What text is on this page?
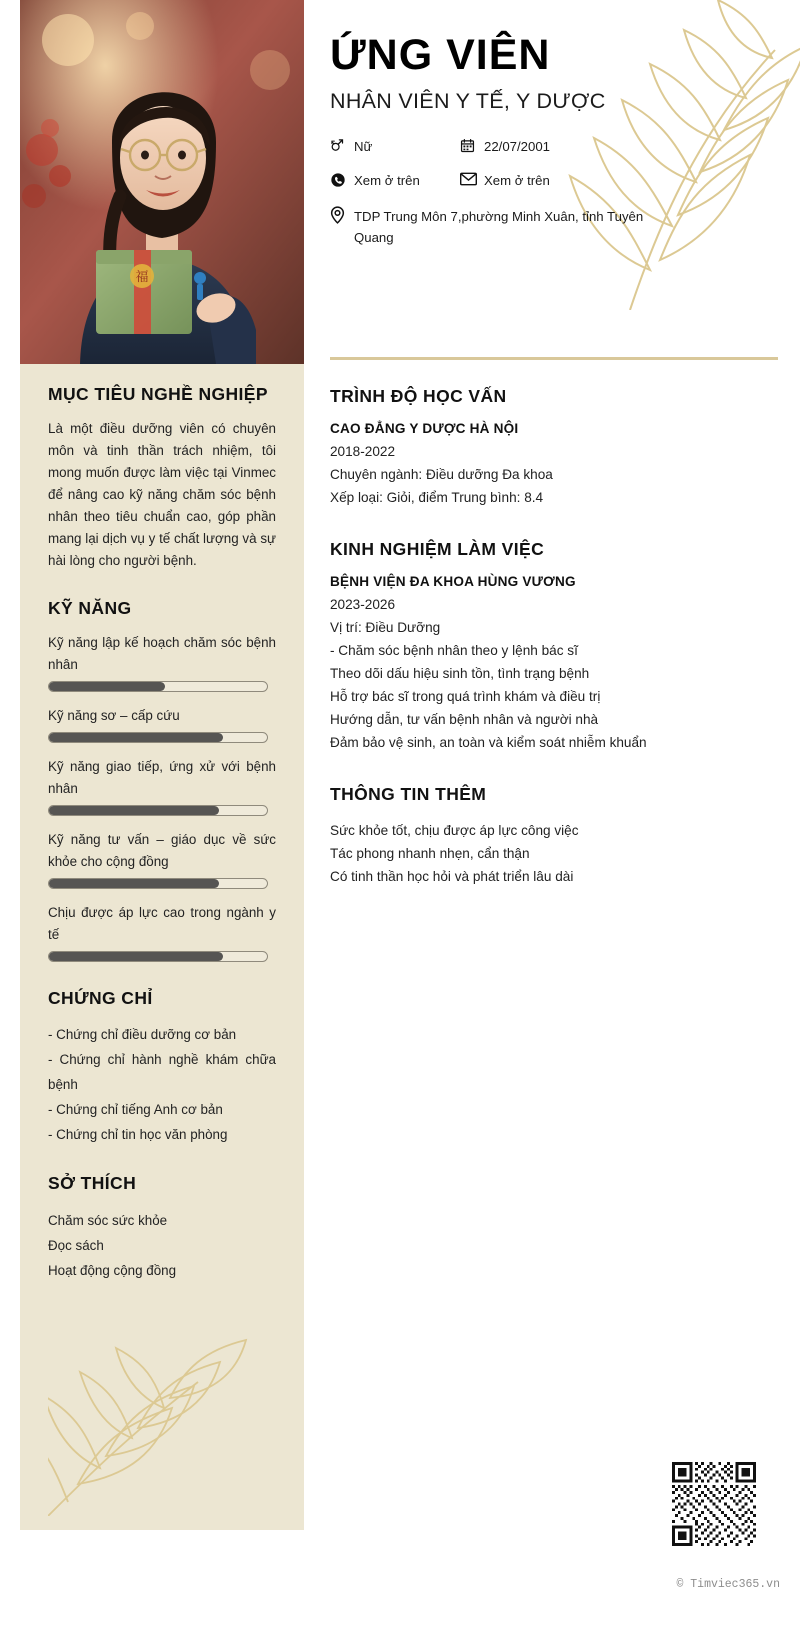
福
MỤC TIÊU NGHỀ NGHIỆP

Là một điều dưỡng viên có chuyên môn và tinh thần trách nhiệm, tôi mong muốn được làm việc tại Vinmec để nâng cao kỹ năng chăm sóc bệnh nhân theo tiêu chuẩn cao, góp phần mang lại dịch vụ y tế chất lượng và sự hài lòng cho người bệnh.

KỸ NĂNG

Kỹ năng lập kế hoạch chăm sóc bệnh nhân

Kỹ năng sơ – cấp cứu

Kỹ năng giao tiếp, ứng xử với bệnh nhân

Kỹ năng tư vấn – giáo dục về sức khỏe cho cộng đồng

Chịu được áp lực cao trong ngành y tế

CHỨNG CHỈ

- Chứng chỉ điều dưỡng cơ bản

- Chứng chỉ hành nghề khám chữa bệnh

- Chứng chỉ tiếng Anh cơ bản

- Chứng chỉ tin học văn phòng

SỞ THÍCH

Chăm sóc sức khỏe

Đọc sách

Hoạt động cộng đồng

ỨNG VIÊN
NHÂN VIÊN Y TẾ, Y DƯỢC
Nữ	22/07/2001
Xem ở trên	Xem ở trên
TDP Trung Môn 7,phường Minh Xuân, tỉnh Tuyên Quang
TRÌNH ĐỘ HỌC VẤN

CAO ĐẲNG Y DƯỢC HÀ NỘI

2018-2022

Chuyên ngành: Điều dưỡng Đa khoa

Xếp loại: Giỏi, điểm Trung bình: 8.4

KINH NGHIỆM LÀM VIỆC

BỆNH VIỆN ĐA KHOA HÙNG VƯƠNG

2023-2026

Vị trí: Điều Dưỡng

- Chăm sóc bệnh nhân theo y lệnh bác sĩ

Theo dõi dấu hiệu sinh tồn, tình trạng bệnh

Hỗ trợ bác sĩ trong quá trình khám và điều trị

Hướng dẫn, tư vấn bệnh nhân và người nhà

Đảm bảo vệ sinh, an toàn và kiểm soát nhiễm khuẩn

THÔNG TIN THÊM

Sức khỏe tốt, chịu được áp lực công việc

Tác phong nhanh nhẹn, cẩn thận

Có tinh thần học hỏi và phát triển lâu dài

© Timviec365.vn
